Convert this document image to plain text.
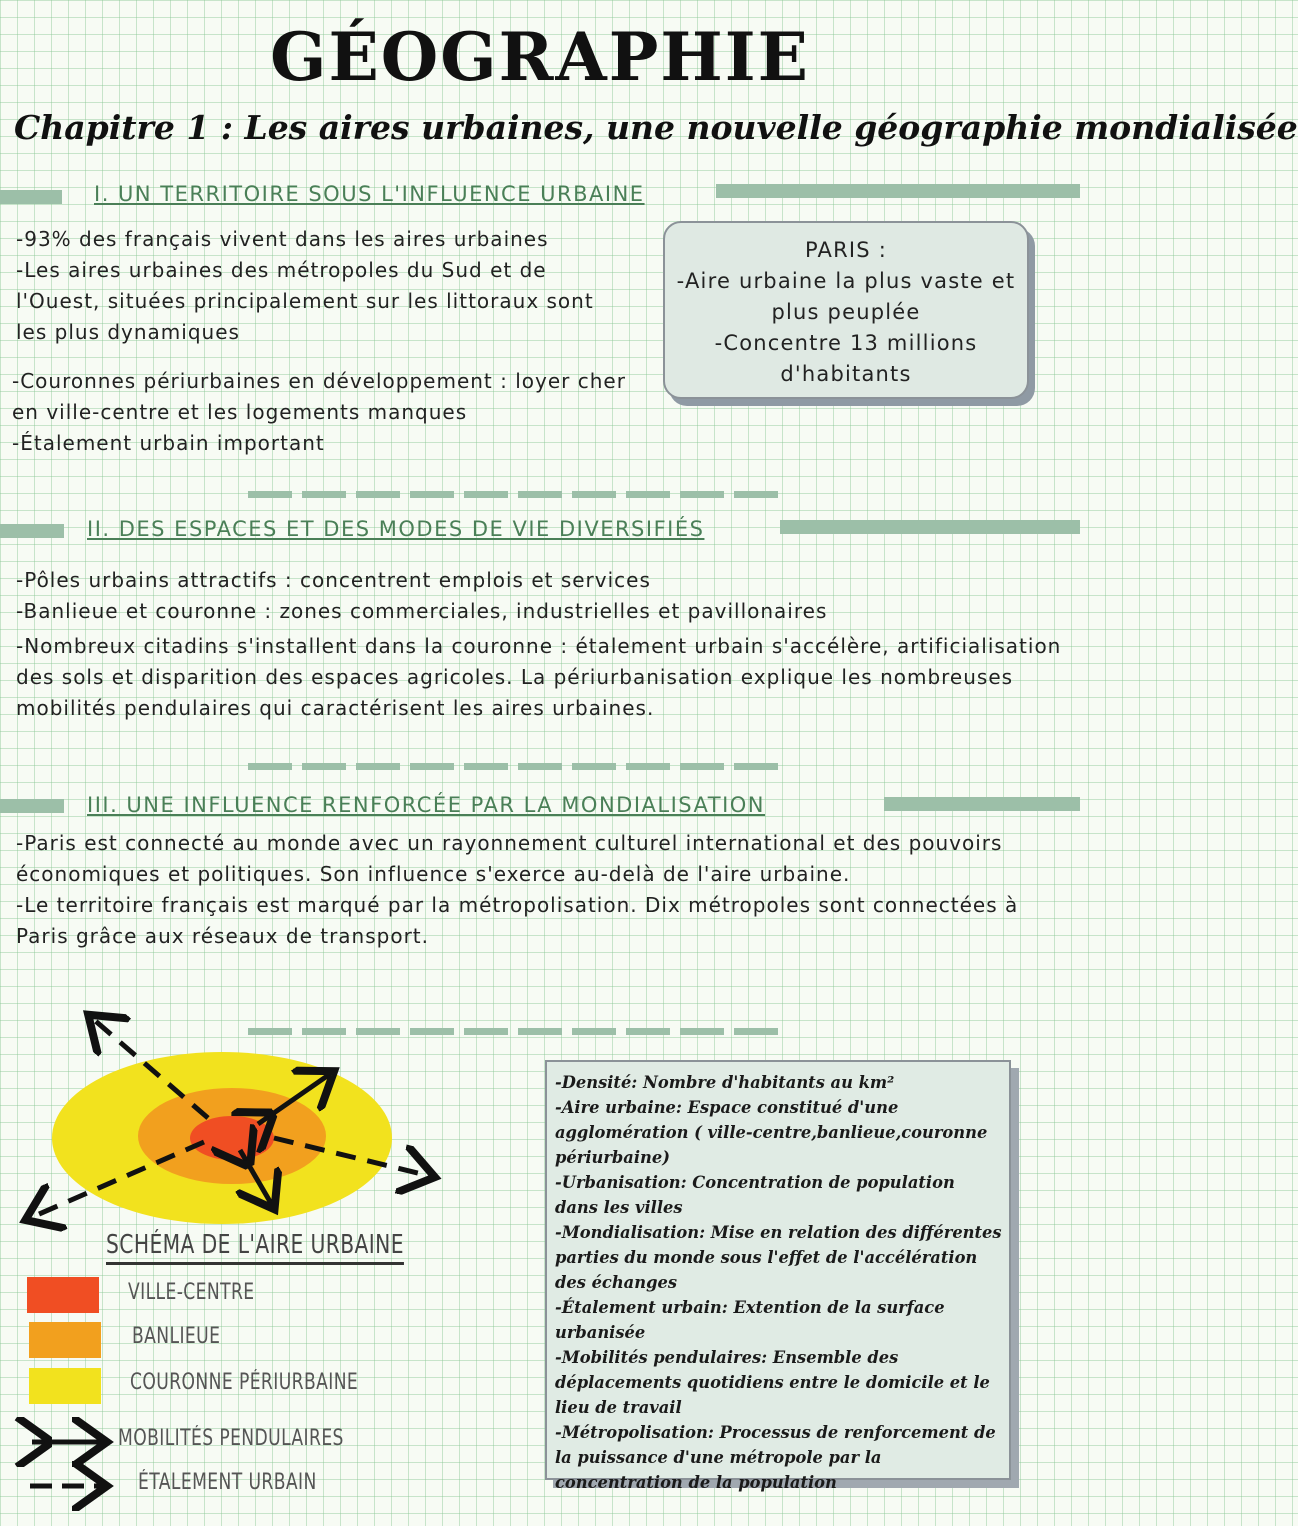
GÉOGRAPHIE
Chapitre 1 : Les aires urbaines, une nouvelle géographie mondialisée
I. UN TERRITOIRE SOUS L'INFLUENCE URBAINE

-93% des français vivent dans les aires urbaines

-Les aires urbaines des métropoles du Sud et de l'Ouest, situées principalement sur les littoraux sont les plus dynamiques

-Couronnes périurbaines en développement : loyer cher en ville-centre et les logements manques

-Étalement urbain important

PARIS :
-Aire urbaine la plus vaste et plus peuplée
-Concentre 13 millions d'habitants
II. DES ESPACES ET DES MODES DE VIE DIVERSIFIÉS

-Pôles urbains attractifs : concentrent emplois et services

-Banlieue et couronne : zones commerciales, industrielles et pavillonaires

-Nombreux citadins s'installent dans la couronne : étalement urbain s'accélère, artificialisation des sols et disparition des espaces agricoles. La périurbanisation explique les nombreuses mobilités pendulaires qui caractérisent les aires urbaines.

III. UNE INFLUENCE RENFORCÉE PAR LA MONDIALISATION

-Paris est connecté au monde avec un rayonnement culturel international et des pouvoirs économiques et politiques. Son influence s'exerce au-delà de l'aire urbaine.

-Le territoire français est marqué par la métropolisation. Dix métropoles sont connectées à Paris grâce aux réseaux de transport.

SCHÉMA DE L'AIRE URBAINE
VILLE-CENTRE
BANLIEUE
COURONNE PÉRIURBAINE
MOBILITÉS PENDULAIRES
ÉTALEMENT URBAIN

-Densité: Nombre d'habitants au km²

-Aire urbaine: Espace constitué d'une agglomération ( ville-centre,banlieue,couronne périurbaine)

-Urbanisation: Concentration de population dans les villes

-Mondialisation: Mise en relation des différentes parties du monde sous l'effet de l'accélération des échanges

-Étalement urbain: Extention de la surface urbanisée

-Mobilités pendulaires: Ensemble des déplacements quotidiens entre le domicile et le lieu de travail

-Métropolisation: Processus de renforcement de la puissance d'une métropole par la concentration de la population
